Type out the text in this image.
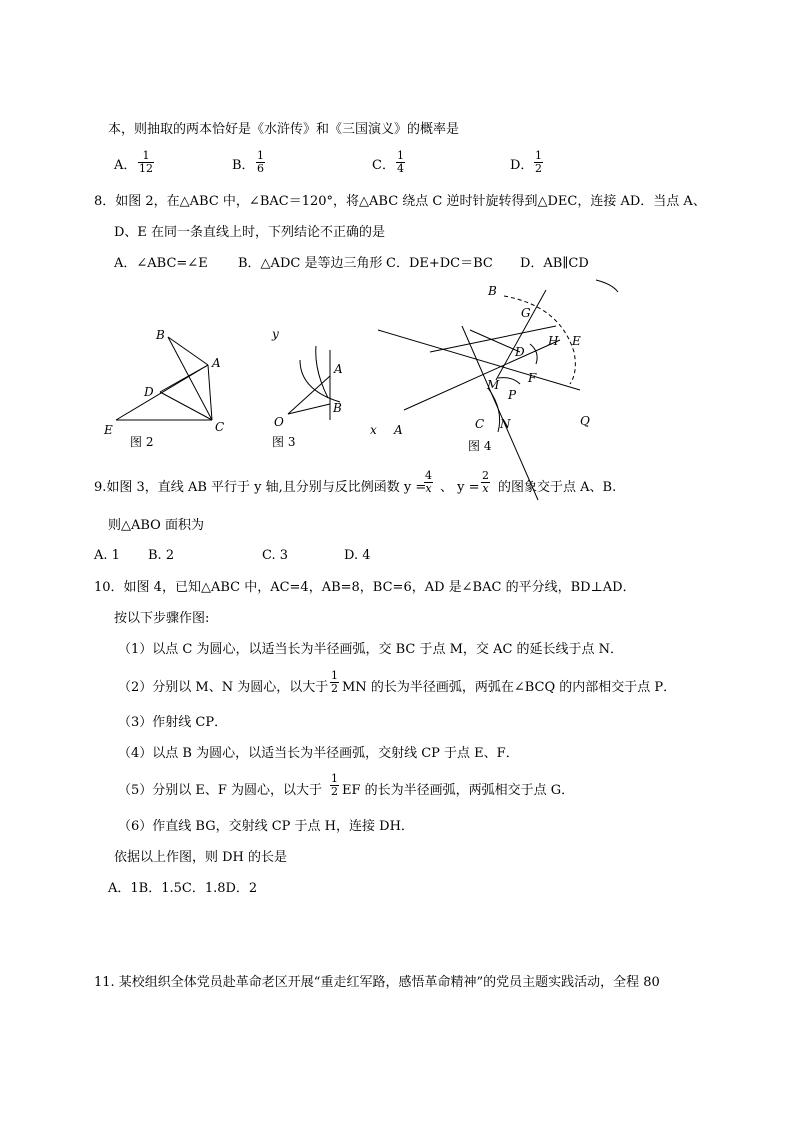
本，则抽取的两本恰好是《水浒传》和《三国演义》的概率是
A． $\frac{1}{12}$	B． $\frac{1}{6}$	C． $\frac{1}{4}$	D． $\frac{1}{2}$
8．如图 2，在△ABC 中，∠BAC＝120°，将△ABC 绕点 C 逆时针旋转得到△DEC，连接 AD．当点 A、
D、E 在同一条直线上时，下列结论不正确的是
A．∠ABC=∠E B．△ADC 是等边三角形 C．DE+DC＝BC D．AB∥CD
B
A
D
E	C
图 2
y
A
B
O
x
图 3
B
G
H E
D
F
M
P
A	C N	Q
图 4
9.如图 3，直线 AB 平行于 y 轴,且分别与反比例函数 y =
$\frac{4}{x}$ 、 $y = \frac{2}{x}$ 的图象交于点 A、B.
则△ABO 面积为
A. 1 B. 2	C. 3	D. 4
10．如图 4，已知△ABC 中，AC=4，AB=8，BC=6，AD 是∠BAC 的平分线，BD⊥AD．
按以下步骤作图:
（1）以点 C 为圆心，以适当长为半径画弧，交 BC 于点 M，交 AC 的延长线于点 N．
（2）分别以 M、N 为圆心，以大于 $\frac{1}{2}$ MN 的长为半径画弧，两弧在∠BCQ 的内部相交于点 P．
（3）作射线 CP．
（4）以点 B 为圆心，以适当长为半径画弧，交射线 CP 于点 E、F．
（5）分别以 E、F 为圆心，以大于 $\frac{1}{2}$ EF 的长为半径画弧，两弧相交于点 G．
（6）作直线 BG，交射线 CP 于点 H，连接 DH．
依据以上作图，则 DH 的长是
A．1B．1.5C．1.8D．2
11. 某校组织全体党员赴革命老区开展“重走红军路，感悟革命精神”的党员主题实践活动，全程 80
